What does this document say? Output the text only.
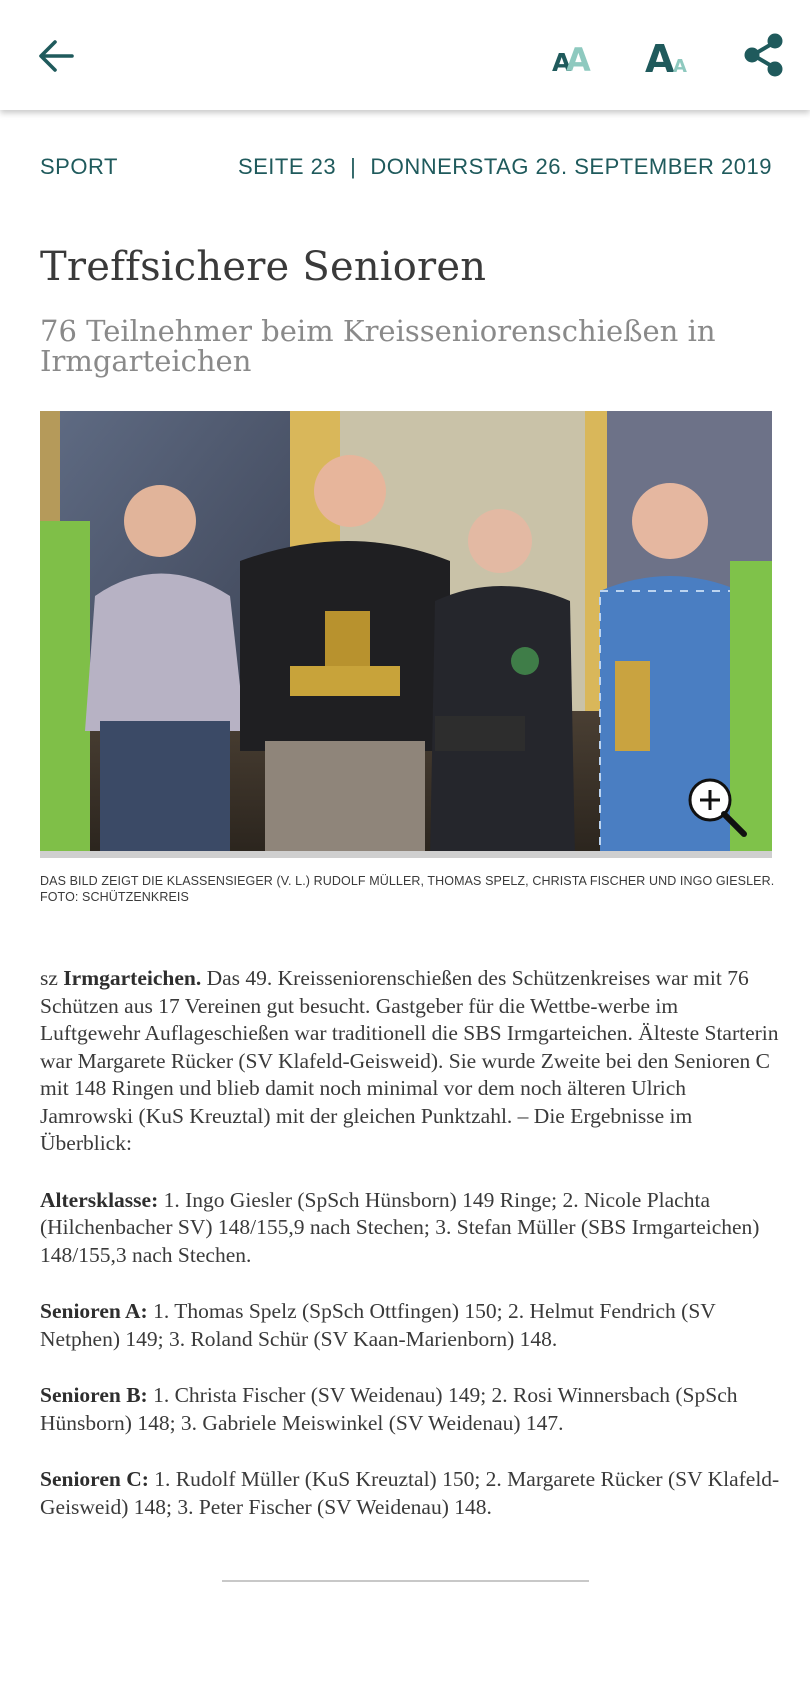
A
A A
A
SPORT	SEITE 23 | DONNERSTAG 26. SEPTEMBER 2019
Treffsichere Senioren
76 Teilnehmer beim Kreisseniorenschießen in Irmgarteichen
DAS BILD ZEIGT DIE KLASSENSIEGER (V. L.) RUDOLF MÜLLER, THOMAS SPELZ, CHRISTA FISCHER UND INGO GIESLER.
FOTO: SCHÜTZENKREIS

sz Irmgarteichen. Das 49. Kreisseniorenschießen des Schützenkreises war mit 76 Schützen aus 17 Vereinen gut besucht. Gastgeber für die Wettbe-werbe im Luftgewehr Auflageschießen war traditionell die SBS Irmgarteichen. Älteste Starterin war Margarete Rücker (SV Klafeld-Geisweid). Sie wurde Zweite bei den Senioren C mit 148 Ringen und blieb damit noch minimal vor dem noch älteren Ulrich Jamrowski (KuS Kreuztal) mit der gleichen Punktzahl. – Die Ergebnisse im Überblick:

Altersklasse: 1. Ingo Giesler (SpSch Hünsborn) 149 Ringe; 2. Nicole Plachta (Hilchenbacher SV) 148/155,9 nach Stechen; 3. Stefan Müller (SBS Irmgarteichen) 148/155,3 nach Stechen.

Senioren A: 1. Thomas Spelz (SpSch Ottfingen) 150; 2. Helmut Fendrich (SV Netphen) 149; 3. Roland Schür (SV Kaan-Marienborn) 148.

Senioren B: 1. Christa Fischer (SV Weidenau) 149; 2. Rosi Winnersbach (SpSch Hünsborn) 148; 3. Gabriele Meiswinkel (SV Weidenau) 147.

Senioren C: 1. Rudolf Müller (KuS Kreuztal) 150; 2. Margarete Rücker (SV Klafeld-Geisweid) 148; 3. Peter Fischer (SV Weidenau) 148.
